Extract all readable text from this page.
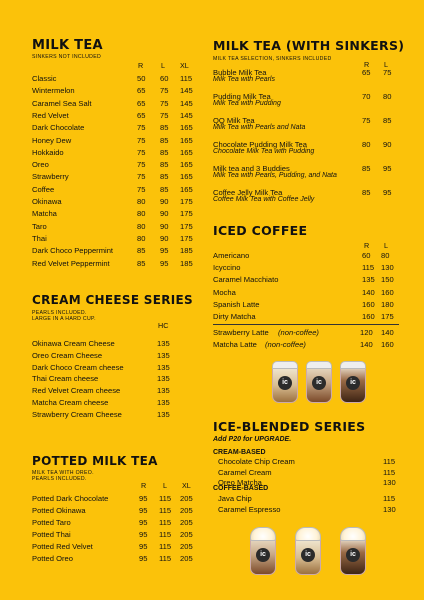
MILK TEA
SINKERS NOT INCLUDED
R L XL
Classic	50 60 115
Wintermelon	65 75 145
Caramel Sea Salt	65 75 145
Red Velvet	65 75 145
Dark Chocolate	75 85 165
Honey Dew	75 85 165
Hokkaido	75 85 165
Oreo	75 85 165
Strawberry	75 85 165
Coffee	75 85 165
Okinawa	80 90 175
Matcha	80 90 175
Taro	80 90 175
Thai	80 90 175
Dark Choco Peppermint	85 95 185
Red Velvet Peppermint	85 95 185
CREAM CHEESE SERIES
PEARLS INCLUDED.
LARGE IN A HARD CUP.
HC
Okinawa Cream Cheese	135
Oreo Cream Cheese	135
Dark Choco Cream cheese	135
Thai Cream cheese	135
Red Velvet Cream cheese	135
Matcha Cream cheese	135
Strawberry Cream Cheese	135
POTTED MILK TEA
MILK TEA WITH OREO.
PEARLS INCLUDED.
R L XL
Potted Dark Chocolate	95 115 205
Potted Okinawa	95 115 205
Potted Taro	95 115 205
Potted Thai	95 115 205
Potted Red Velvet	95 115 205
Potted Oreo	95 115 205
MILK TEA (WITH SINKERS)
MILK TEA SELECTION, SINKERS INCLUDED
R L
Bubble Milk Tea	65 75
Milk Tea with Pearls
Pudding Milk Tea	70 80
Milk Tea with Pudding
QQ Milk Tea	75 85
Milk Tea with Pearls and Nata
Chocolate Pudding Milk Tea	80 90
Chocolate Milk Tea with Pudding
Milk tea and 3 Buddies	85 95
Milk Tea with Pearls, Pudding, and Nata
Coffee Jelly Milk Tea	85 95
Coffee Milk Tea with Coffee Jelly
ICED COFFEE
R L
Americano	60 80
Icyccino	115 130
Caramel Macchiato	135 150
Mocha	140 160
Spanish Latte	160 180
Dirty Matcha	160 175
Strawberry Latte (non-coffee)	120 140
Matcha Latte (non-coffee)	140 160
ic	ic	ic
ICE-BLENDED SERIES
Add P20 for UPGRADE.
CREAM-BASED
Chocolate Chip Cream	115
Caramel Cream	115
Oreo Matcha	130
COFFEE-BASED
Java Chip	115
Caramel Espresso	130
ic	ic	ic
